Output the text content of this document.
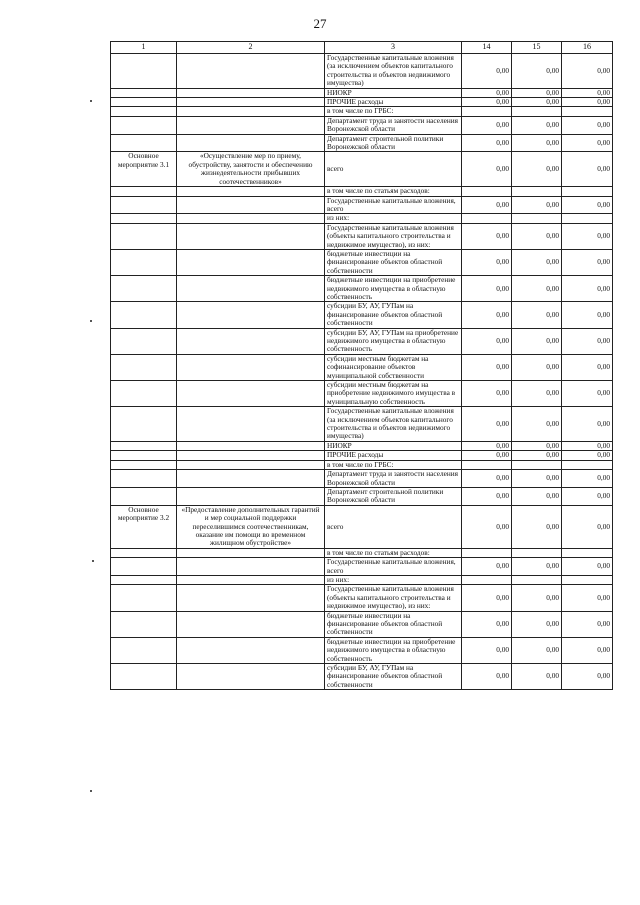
27
1	2	3	14	15	16
		Государственные капитальные вложения (за исключением объектов капитального строительства и объектов недвижимого имущества)	0,00	0,00	0,00
		НИОКР	0,00	0,00	0,00
		ПРОЧИЕ расходы	0,00	0,00	0,00
		в том числе по ГРБС:			
		Департамент труда и занятости населения Воронежской области	0,00	0,00	0,00
		Департамент строительной политики Воронежской области	0,00	0,00	0,00
Основное мероприятие 3.1	«Осуществление мер по приему, обустройству, занятости и обеспечению жизнедеятельности прибывших соотечественников»	всего	0,00	0,00	0,00
		в том числе по статьям расходов:			
		Государственные капитальные вложения, всего	0,00	0,00	0,00
		из них:			
		Государственные капитальные вложения (объекты капитального строительства и недвижимое имущество), из них:	0,00	0,00	0,00
		бюджетные инвестиции на финансирование объектов областной собственности	0,00	0,00	0,00
		бюджетные инвестиции на приобретение недвижимого имущества в областную собственность	0,00	0,00	0,00
		субсидии БУ, АУ, ГУПам на финансирование объектов областной собственности	0,00	0,00	0,00
		субсидии БУ, АУ, ГУПам на приобретение недвижимого имущества в областную собственность	0,00	0,00	0,00
		субсидии местным бюджетам на софинансирование объектов муниципальной собственности	0,00	0,00	0,00
		субсидии местным бюджетам на приобретение недвижимого имущества в муниципальную собственность	0,00	0,00	0,00
		Государственные капитальные вложения (за исключением объектов капитального строительства и объектов недвижимого имущества)	0,00	0,00	0,00
		НИОКР	0,00	0,00	0,00
		ПРОЧИЕ расходы	0,00	0,00	0,00
		в том числе по ГРБС:			
		Департамент труда и занятости населения Воронежской области	0,00	0,00	0,00
		Департамент строительной политики Воронежской области	0,00	0,00	0,00
Основное мероприятие 3.2	«Предоставление дополнительных гарантий и мер социальной поддержки переселившимся соотечественникам, оказание им помощи во временном жилищном обустройстве»	всего	0,00	0,00	0,00
		в том числе по статьям расходов:			
		Государственные капитальные вложения, всего	0,00	0,00	0,00
		из них:			
		Государственные капитальные вложения (объекты капитального строительства и недвижимое имущество), из них:	0,00	0,00	0,00
		бюджетные инвестиции на финансирование объектов областной собственности	0,00	0,00	0,00
		бюджетные инвестиции на приобретение недвижимого имущества в областную собственность	0,00	0,00	0,00
		субсидии БУ, АУ, ГУПам на финансирование объектов областной собственности	0,00	0,00	0,00
